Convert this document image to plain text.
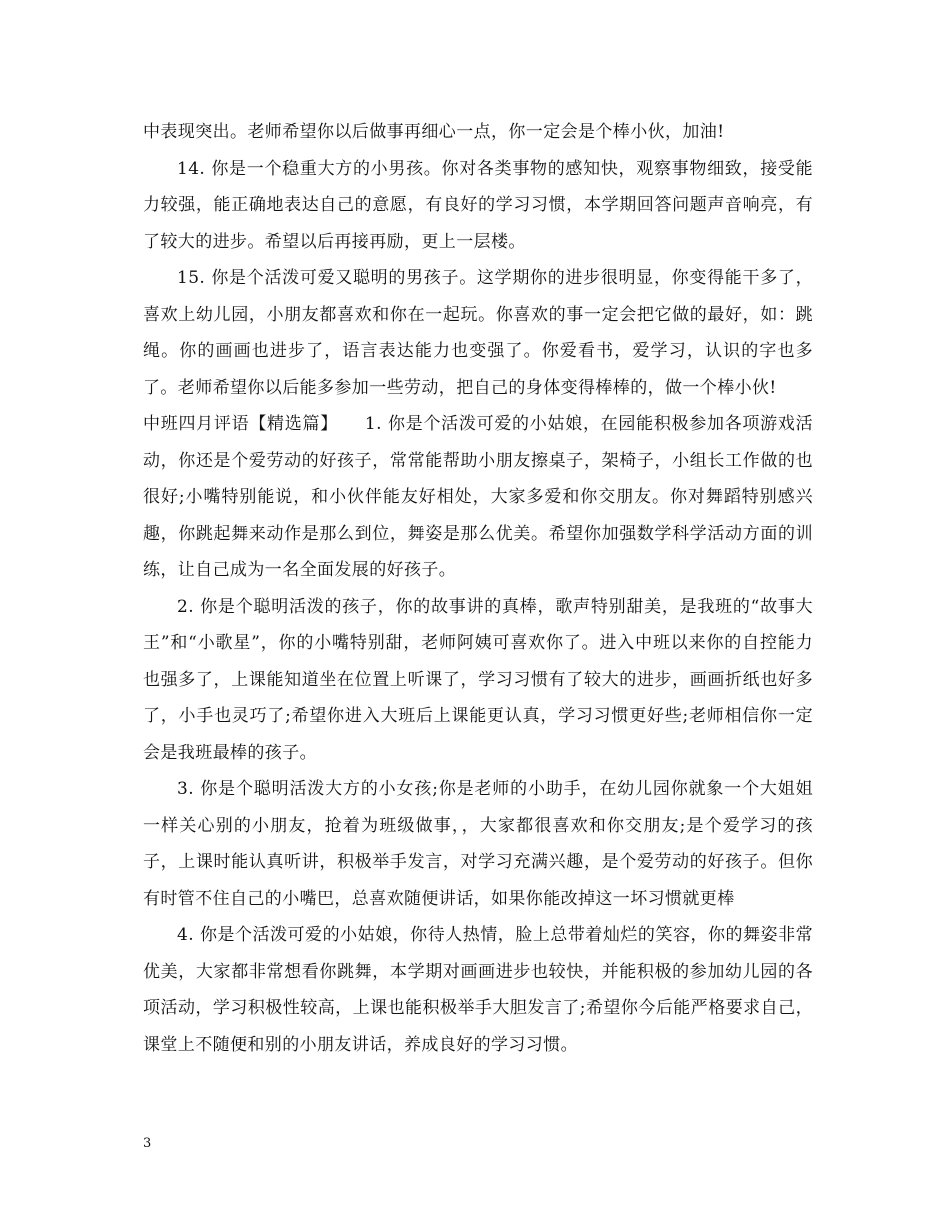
中表现突出。老师希望你以后做事再细心一点，你一定会是个棒小伙，加油!

14. 你是一个稳重大方的小男孩。你对各类事物的感知快，观察事物细致，接受能力较强，能正确地表达自己的意愿，有良好的学习习惯，本学期回答问题声音响亮，有了较大的进步。希望以后再接再励，更上一层楼。

15. 你是个活泼可爱又聪明的男孩子。这学期你的进步很明显，你变得能干多了，喜欢上幼儿园，小朋友都喜欢和你在一起玩。你喜欢的事一定会把它做的最好，如：跳绳。你的画画也进步了，语言表达能力也变强了。你爱看书，爱学习，认识的字也多了。老师希望你以后能多参加一些劳动，把自己的身体变得棒棒的，做一个棒小伙!

中班四月评语【精选篇】　　1. 你是个活泼可爱的小姑娘，在园能积极参加各项游戏活动，你还是个爱劳动的好孩子，常常能帮助小朋友擦桌子，架椅子，小组长工作做的也很好;小嘴特别能说，和小伙伴能友好相处，大家多爱和你交朋友。你对舞蹈特别感兴趣，你跳起舞来动作是那么到位，舞姿是那么优美。希望你加强数学科学活动方面的训练，让自己成为一名全面发展的好孩子。

2. 你是个聪明活泼的孩子，你的故事讲的真棒，歌声特别甜美，是我班的“故事大王”和“小歌星”，你的小嘴特别甜，老师阿姨可喜欢你了。进入中班以来你的自控能力也强多了，上课能知道坐在位置上听课了，学习习惯有了较大的进步，画画折纸也好多了，小手也灵巧了;希望你进入大班后上课能更认真，学习习惯更好些;老师相信你一定会是我班最棒的孩子。

3. 你是个聪明活泼大方的小女孩;你是老师的小助手，在幼儿园你就象一个大姐姐一样关心别的小朋友，抢着为班级做事，，大家都很喜欢和你交朋友;是个爱学习的孩子，上课时能认真听讲，积极举手发言，对学习充满兴趣，是个爱劳动的好孩子。但你有时管不住自己的小嘴巴，总喜欢随便讲话，如果你能改掉这一坏习惯就更棒

4. 你是个活泼可爱的小姑娘，你待人热情，脸上总带着灿烂的笑容，你的舞姿非常优美，大家都非常想看你跳舞，本学期对画画进步也较快，并能积极的参加幼儿园的各项活动，学习积极性较高，上课也能积极举手大胆发言了;希望你今后能严格要求自己，课堂上不随便和别的小朋友讲话，养成良好的学习习惯。

3
